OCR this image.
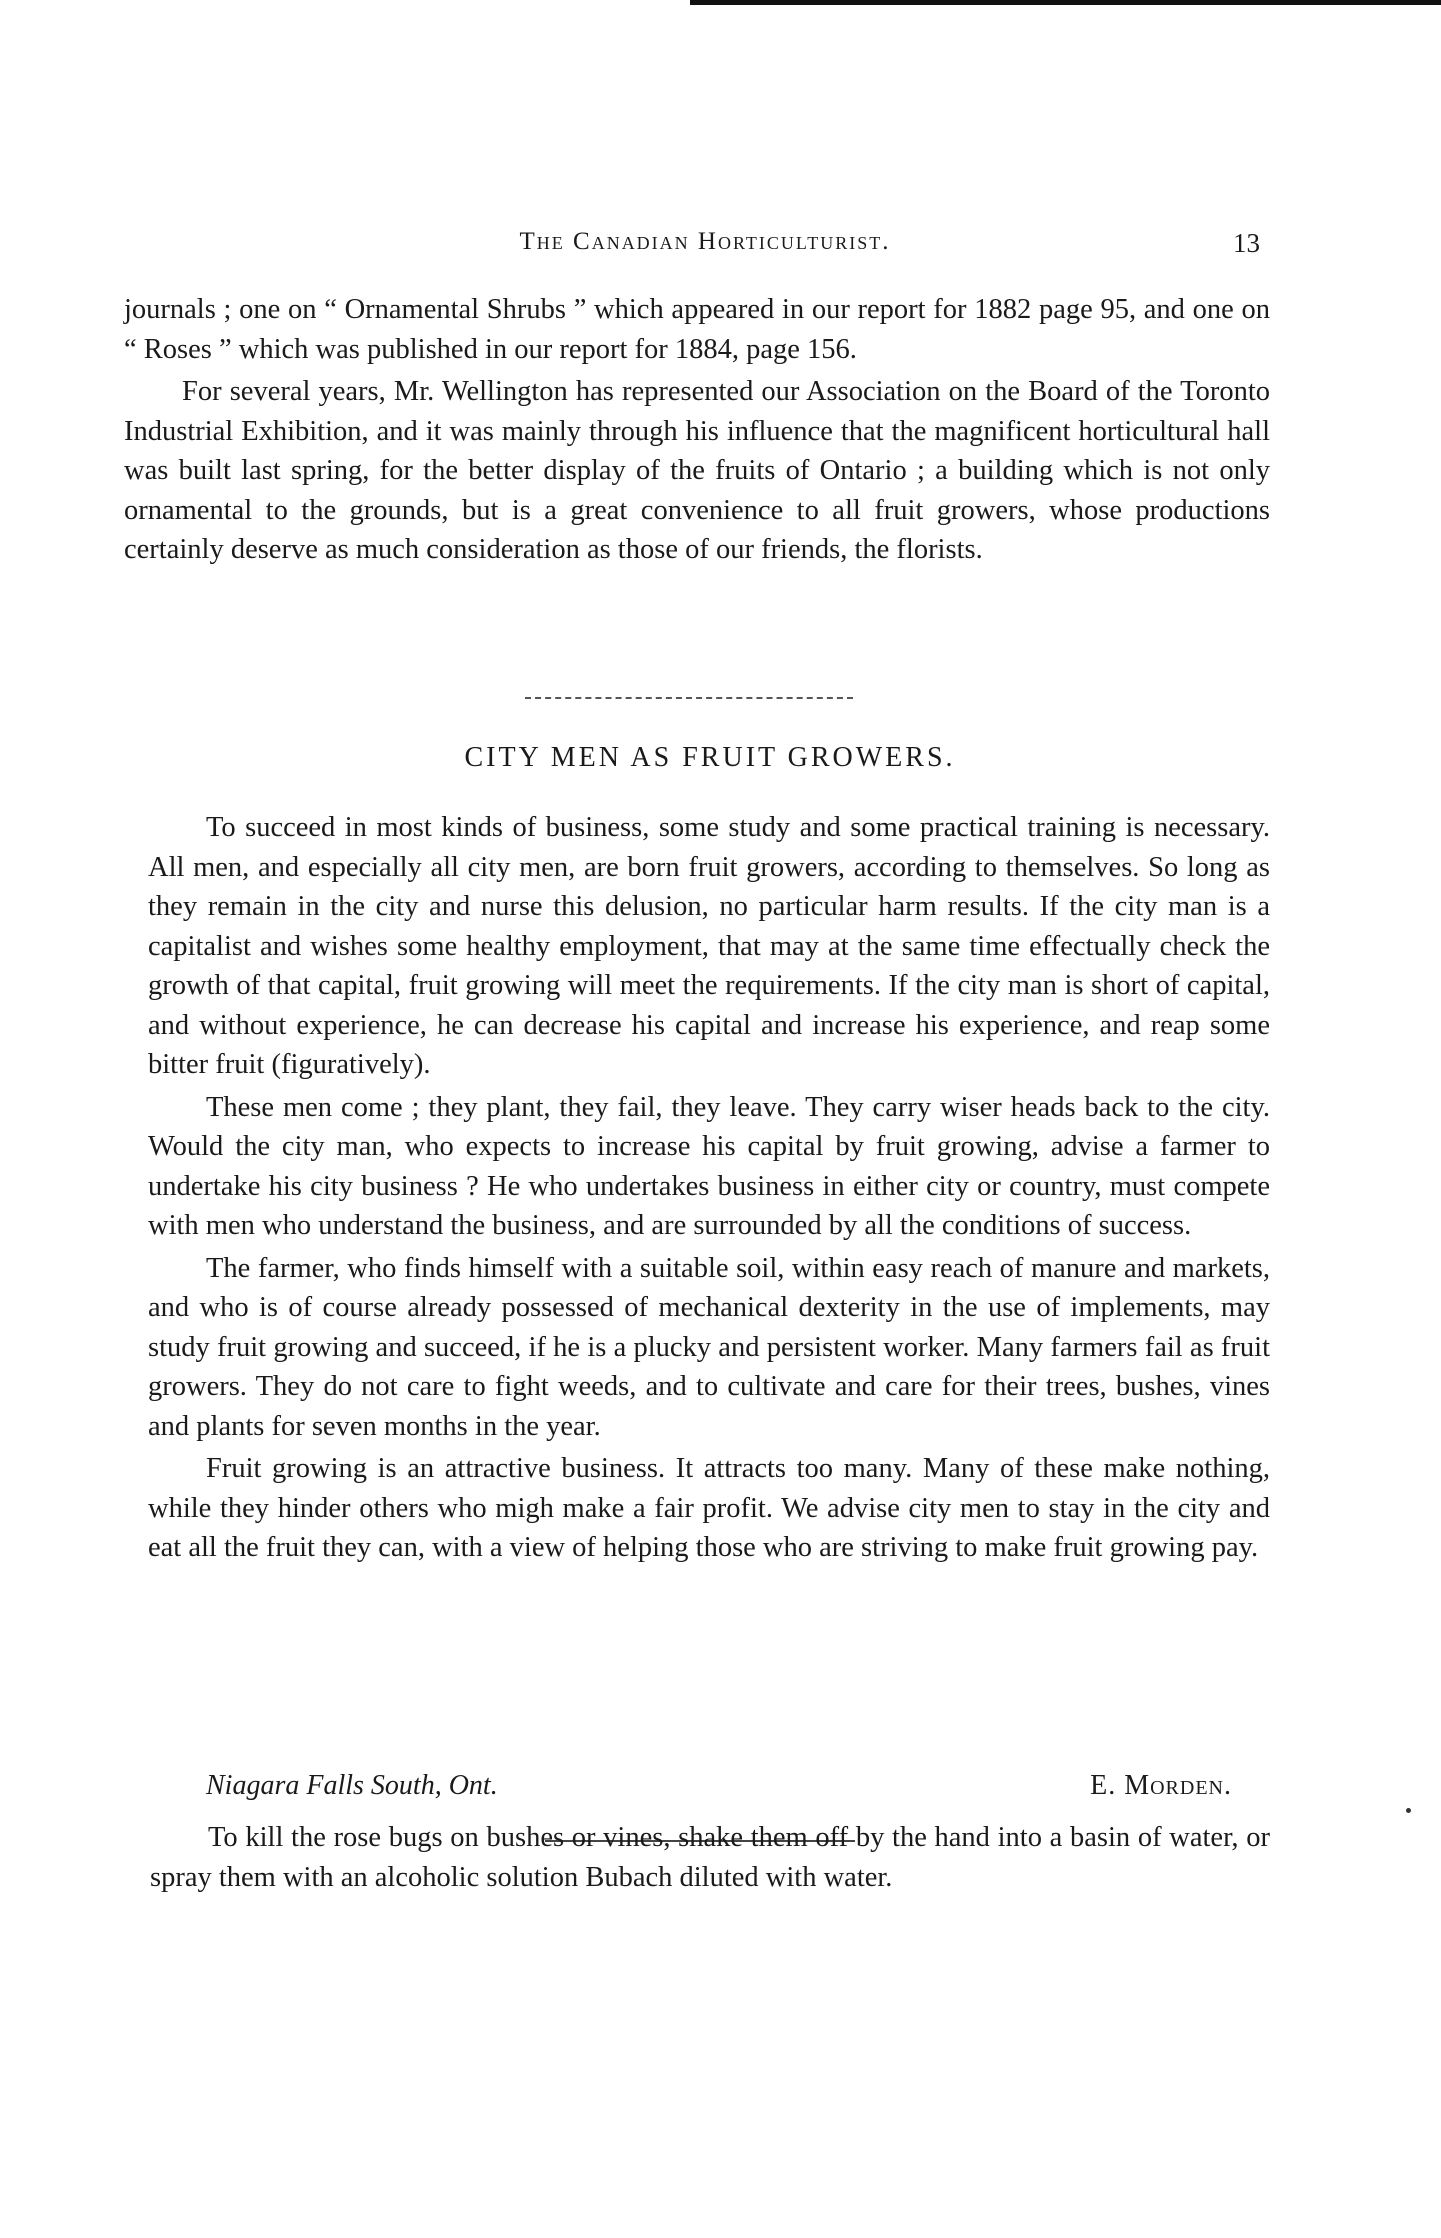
The Canadian Horticulturist.	13

journals ; one on “ Ornamental Shrubs ” which appeared in our report for 1882 page 95, and one on “ Roses ” which was published in our report for 1884, page 156.

For several years, Mr. Wellington has represented our Association on the Board of the Toronto Industrial Exhibition, and it was mainly through his influence that the magnificent horticultural hall was built last spring, for the better display of the fruits of Ontario ; a building which is not only ornamental to the grounds, but is a great convenience to all fruit growers, whose productions certainly deserve as much consideration as those of our friends, the florists.

CITY MEN AS FRUIT GROWERS.

To succeed in most kinds of business, some study and some practical training is necessary. All men, and especially all city men, are born fruit growers, according to themselves. So long as they remain in the city and nurse this delusion, no particular harm results. If the city man is a capitalist and wishes some healthy employment, that may at the same time effectually check the growth of that capital, fruit growing will meet the requirements. If the city man is short of capital, and without experience, he can decrease his capital and increase his experience, and reap some bitter fruit (figuratively).

These men come ; they plant, they fail, they leave. They carry wiser heads back to the city. Would the city man, who expects to increase his capital by fruit growing, advise a farmer to undertake his city business ? He who undertakes business in either city or country, must compete with men who understand the business, and are surrounded by all the conditions of success.

The farmer, who finds himself with a suitable soil, within easy reach of manure and markets, and who is of course already possessed of mechanical dexterity in the use of implements, may study fruit growing and succeed, if he is a plucky and persistent worker. Many farmers fail as fruit growers. They do not care to fight weeds, and to cultivate and care for their trees, bushes, vines and plants for seven months in the year.

Fruit growing is an attractive business. It attracts too many. Many of these make nothing, while they hinder others who migh make a fair profit. We advise city men to stay in the city and eat all the fruit they can, with a view of helping those who are striving to make fruit growing pay.

Niagara Falls South, Ont.	E. Morden.

To kill the rose bugs on bushes or vines, shake them off by the hand into a basin of water, or spray them with an alcoholic solution Bubach diluted with water.
